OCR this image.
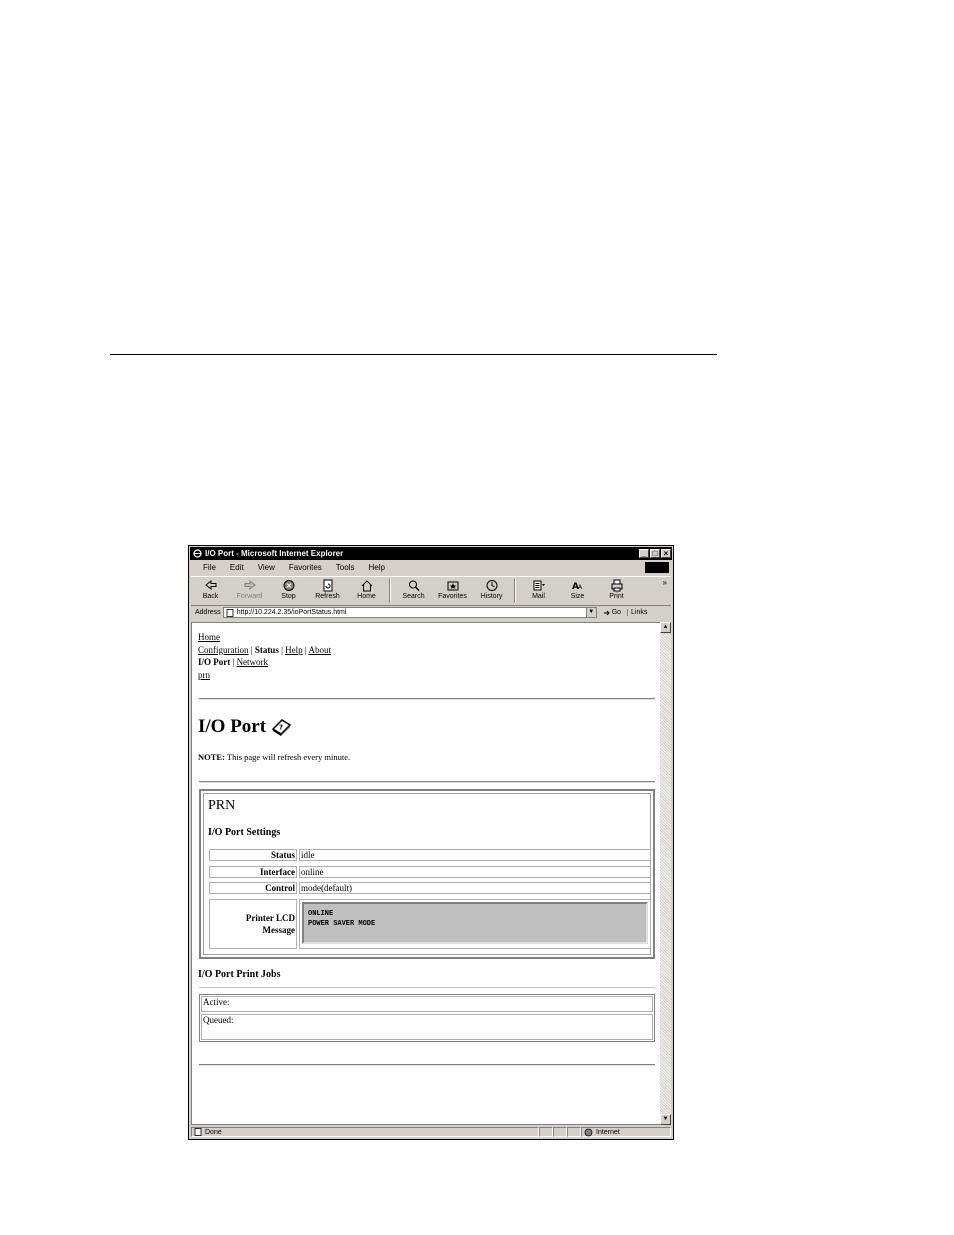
I/O Port - Microsoft Internet Explorer	_ □ ×
File Edit View Favorites Tools Help
Back	Forward	Stop	Refresh Home	Search Favorites History	Mail
A A
Size	Print
»
Address http://10.224.2.35/ioPortStatus.html	▼	Go	Links
Home
Configuration | Status | Help | About
I/O Port | Network
prn
I/O Port ?
NOTE: This page will refresh every minute.
PRN
I/O Port Settings
Status idle
Interface online
Control mode(default)
Printer LCD
Message
ONLINE
POWER SAVER MODE
I/O Port Print Jobs
Active:
Queued:
▲
▼
Done	Internet
